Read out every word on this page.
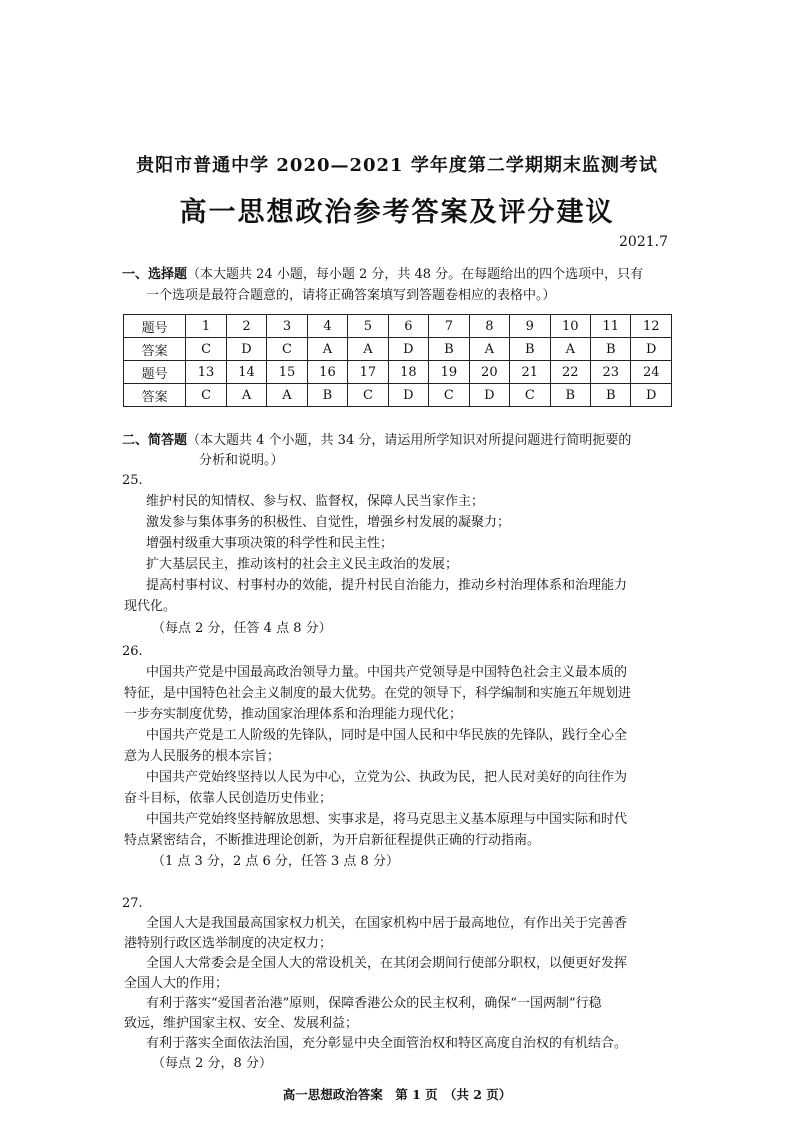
贵阳市普通中学 2020—2021 学年度第二学期期末监测考试
高一思想政治参考答案及评分建议
2021.7
一、选择题（本大题共 24 小题，每小题 2 分，共 48 分。在每题给出的四个选项中，只有
一个选项是最符合题意的，请将正确答案填写到答题卷相应的表格中。）
题号	1	2	3	4	5	6	7	8	9	10	11	12
答案	C	D	C	A	A	D	B	A	B	A	B	D
题号	13	14	15	16	17	18	19	20	21	22	23	24
答案	C	A	A	B	C	D	C	D	C	B	B	D
二、简答题（本大题共 4 个小题，共 34 分，请运用所学知识对所提问题进行简明扼要的
分析和说明。）
25.
维护村民的知情权、参与权、监督权，保障人民当家作主；
激发参与集体事务的积极性、自觉性，增强乡村发展的凝聚力；
增强村级重大事项决策的科学性和民主性；
扩大基层民主，推动该村的社会主义民主政治的发展；
提高村事村议、村事村办的效能，提升村民自治能力，推动乡村治理体系和治理能力
现代化。
（每点 2 分，任答 4 点 8 分）
26.
中国共产党是中国最高政治领导力量。中国共产党领导是中国特色社会主义最本质的
特征，是中国特色社会主义制度的最大优势。在党的领导下，科学编制和实施五年规划进
一步夯实制度优势，推动国家治理体系和治理能力现代化；
中国共产党是工人阶级的先锋队，同时是中国人民和中华民族的先锋队，践行全心全
意为人民服务的根本宗旨；
中国共产党始终坚持以人民为中心，立党为公、执政为民，把人民对美好的向往作为
奋斗目标，依靠人民创造历史伟业；
中国共产党始终坚持解放思想、实事求是，将马克思主义基本原理与中国实际和时代
特点紧密结合，不断推进理论创新，为开启新征程提供正确的行动指南。
（1 点 3 分，2 点 6 分，任答 3 点 8 分）
27.
全国人大是我国最高国家权力机关，在国家机构中居于最高地位，有作出关于完善香
港特别行政区选举制度的决定权力；
全国人大常委会是全国人大的常设机关，在其闭会期间行使部分职权，以便更好发挥
全国人大的作用；
有利于落实“爱国者治港”原则，保障香港公众的民主权利，确保“一国两制”行稳
致远，维护国家主权、安全、发展利益；
有利于落实全面依法治国，充分彰显中央全面管治权和特区高度自治权的有机结合。
（每点 2 分，8 分）
高一思想政治答案　第 1 页　（共 2 页）
